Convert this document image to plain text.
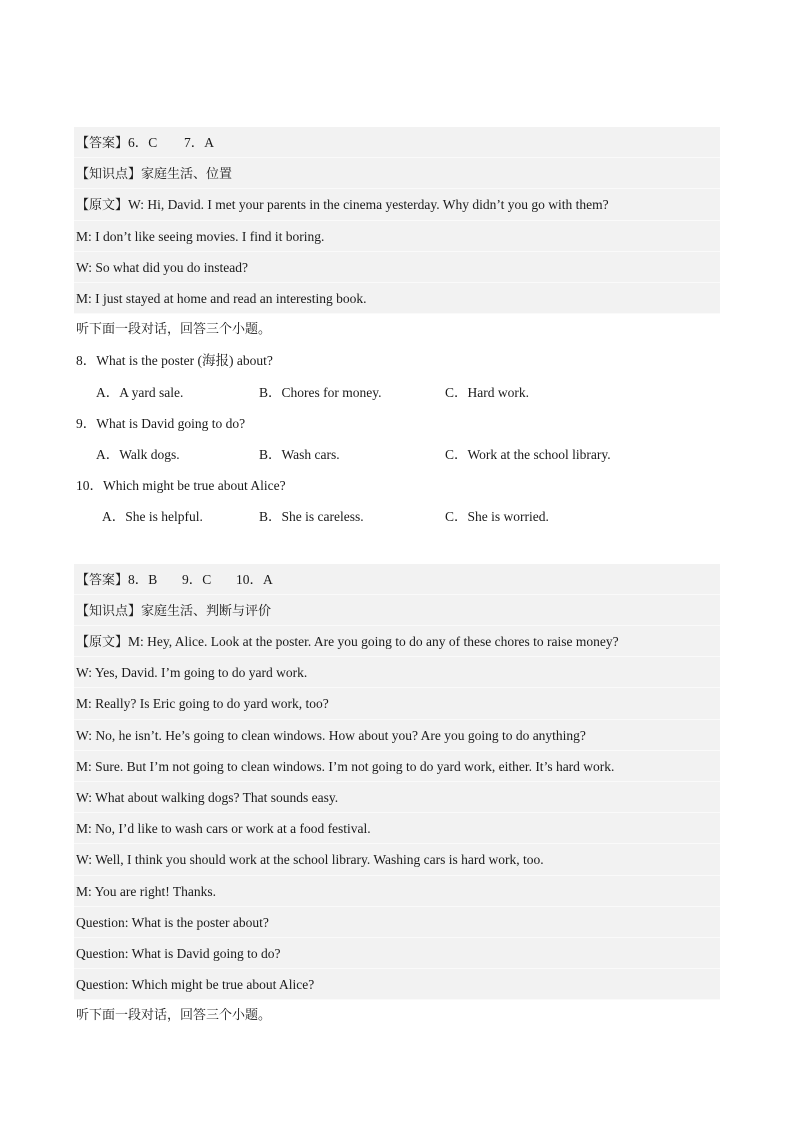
【答案】6．C 7．A
【知识点】家庭生活、位置
【原文】W: Hi, David. I met your parents in the cinema yesterday. Why didn’t you go with them?
M: I don’t like seeing movies. I find it boring.
W: So what did you do instead?
M: I just stayed at home and read an interesting book.
听下面一段对话，回答三个小题。
8．What is the poster (海报) about?
A．A yard sale.	B．Chores for money.	C．Hard work.
9．What is David going to do?
A．Walk dogs.	B．Wash cars.	C．Work at the school library.
10．Which might be true about Alice?
A．She is helpful.	B．She is careless.	C．She is worried.
【答案】8．B 9．C 10．A
【知识点】家庭生活、判断与评价
【原文】M: Hey, Alice. Look at the poster. Are you going to do any of these chores to raise money?
W: Yes, David. I’m going to do yard work.
M: Really? Is Eric going to do yard work, too?
W: No, he isn’t. He’s going to clean windows. How about you? Are you going to do anything?
M: Sure. But I’m not going to clean windows. I’m not going to do yard work, either. It’s hard work.
W: What about walking dogs? That sounds easy.
M: No, I’d like to wash cars or work at a food festival.
W: Well, I think you should work at the school library. Washing cars is hard work, too.
M: You are right! Thanks.
Question: What is the poster about?
Question: What is David going to do?
Question: Which might be true about Alice?
听下面一段对话，回答三个小题。
